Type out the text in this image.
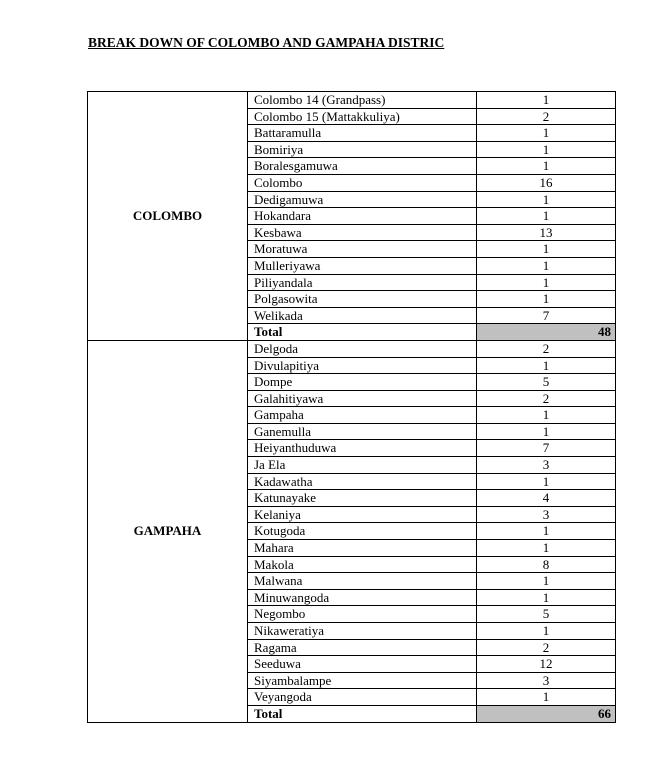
BREAK DOWN OF COLOMBO AND GAMPAHA DISTRIC
COLOMBO	Colombo 14 (Grandpass)	1
	Colombo 15 (Mattakkuliya)	2
	Battaramulla	1
	Bomiriya	1
	Boralesgamuwa	1
	Colombo	16
	Dedigamuwa	1
	Hokandara	1
	Kesbawa	13
	Moratuwa	1
	Mulleriyawa	1
	Piliyandala	1
	Polgasowita	1
	Welikada	7
	Total	48
GAMPAHA	Delgoda	2
	Divulapitiya	1
	Dompe	5
	Galahitiyawa	2
	Gampaha	1
	Ganemulla	1
	Heiyanthuduwa	7
	Ja Ela	3
	Kadawatha	1
	Katunayake	4
	Kelaniya	3
	Kotugoda	1
	Mahara	1
	Makola	8
	Malwana	1
	Minuwangoda	1
	Negombo	5
	Nikaweratiya	1
	Ragama	2
	Seeduwa	12
	Siyambalampe	3
	Veyangoda	1
	Total	66
